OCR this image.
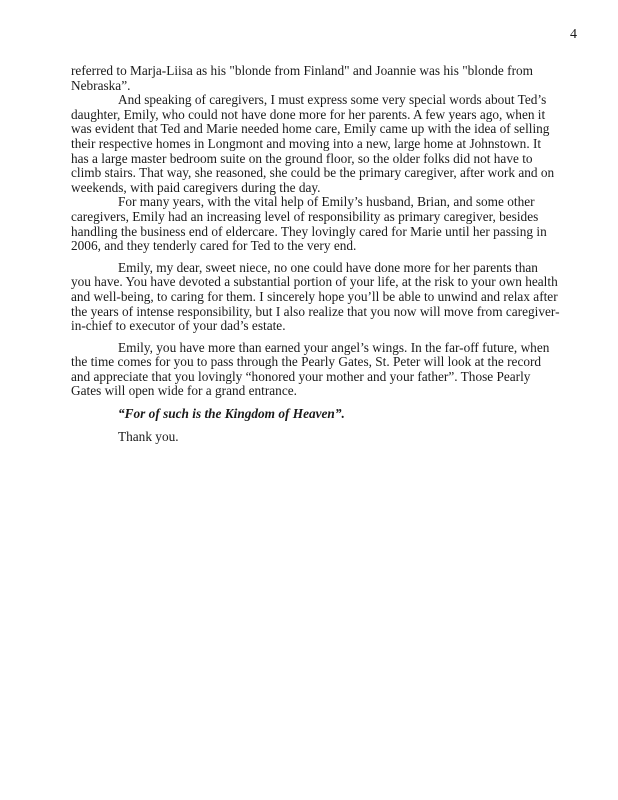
4

referred to Marja-Liisa as his "blonde from Finland" and Joannie was his "blonde from Nebraska”.

And speaking of caregivers, I must express some very special words about Ted’s daughter, Emily, who could not have done more for her parents. A few years ago, when it was evident that Ted and Marie needed home care, Emily came up with the idea of selling their respective homes in Longmont and moving into a new, large home at Johnstown. It has a large master bedroom suite on the ground floor, so the older folks did not have to climb stairs. That way, she reasoned, she could be the primary caregiver, after work and on weekends, with paid caregivers during the day.

For many years, with the vital help of Emily’s husband, Brian, and some other caregivers, Emily had an increasing level of responsibility as primary caregiver, besides handling the business end of eldercare. They lovingly cared for Marie until her passing in 2006, and they tenderly cared for Ted to the very end.

Emily, my dear, sweet niece, no one could have done more for her parents than you have. You have devoted a substantial portion of your life, at the risk to your own health and well-being, to caring for them. I sincerely hope you’ll be able to unwind and relax after the years of intense responsibility, but I also realize that you now will move from caregiver-in-chief to executor of your dad’s estate.

Emily, you have more than earned your angel’s wings. In the far-off future, when the time comes for you to pass through the Pearly Gates, St. Peter will look at the record and appreciate that you lovingly “honored your mother and your father”. Those Pearly Gates will open wide for a grand entrance.

“For of such is the Kingdom of Heaven”.

Thank you.
